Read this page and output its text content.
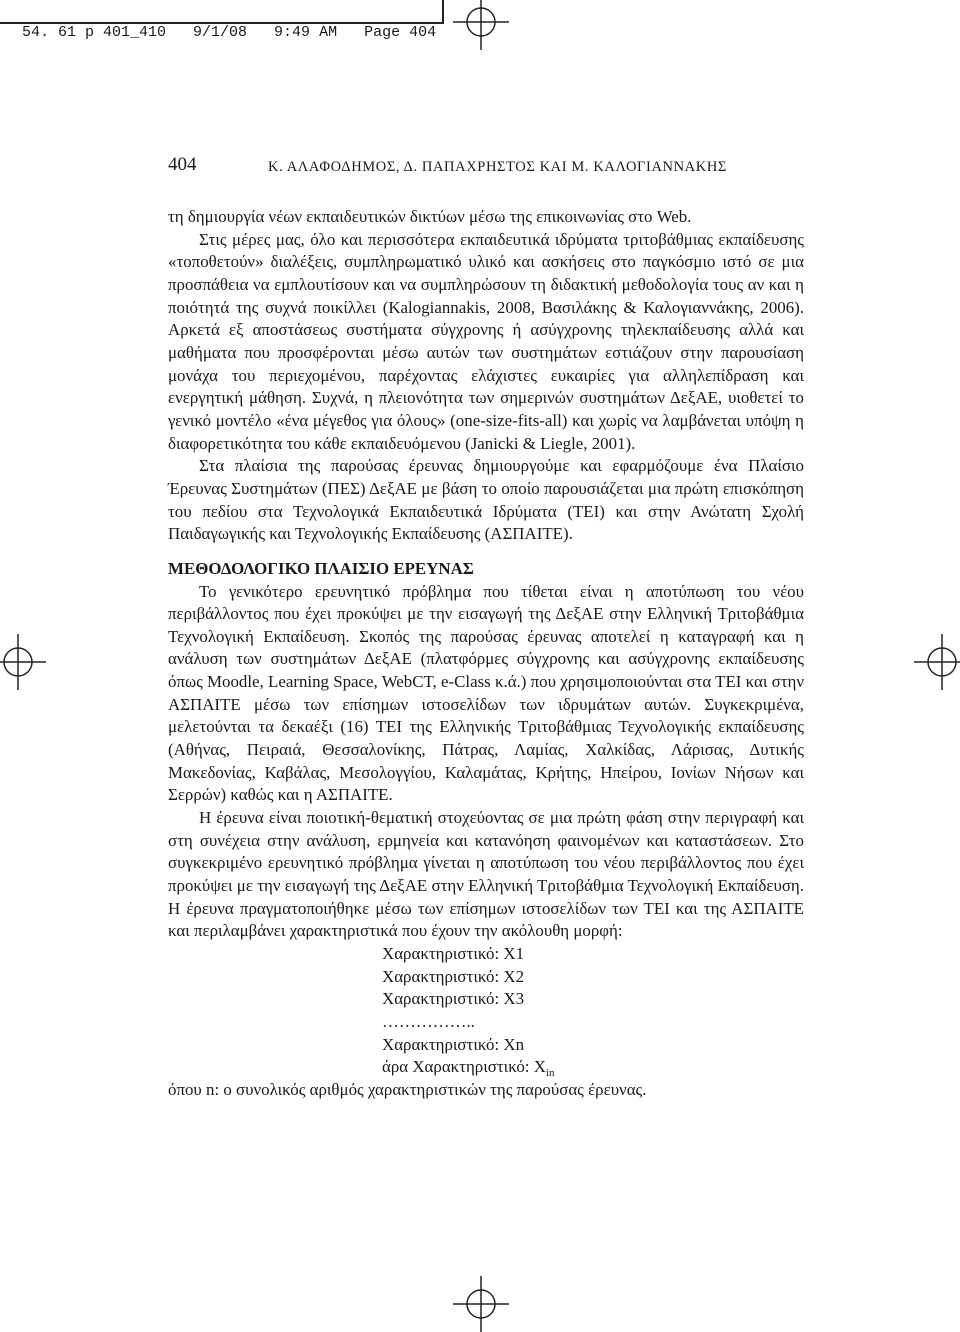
54. 61 p 401_410   9/1/08   9:49 AM   Page 404

404	Κ. ΑΛΑΦΟΔΗΜΟΣ, Δ. ΠΑΠΑΧΡΗΣΤΟΣ ΚΑΙ Μ. ΚΑΛΟΓΙΑΝΝΑΚΗΣ

τη δημιουργία νέων εκπαιδευτικών δικτύων μέσω της επικοινωνίας στο Web.

Στις μέρες μας, όλο και περισσότερα εκπαιδευτικά ιδρύματα τριτοβάθμιας εκπαίδευσης «τοποθετούν» διαλέξεις, συμπληρωματικό υλικό και ασκήσεις στο παγκόσμιο ιστό σε μια προσπάθεια να εμπλουτίσουν και να συμπληρώσουν τη διδακτική μεθοδολογία τους αν και η ποιότητά της συχνά ποικίλλει (Kalogiannakis, 2008, Βασιλάκης & Καλογιαννάκης, 2006). Αρκετά εξ αποστάσεως συστήματα σύγχρονης ή ασύγχρονης τηλεκπαίδευσης αλλά και μαθήματα που προσφέρονται μέσω αυτών των συστημάτων εστιάζουν στην παρουσίαση μονάχα του περιεχομένου, παρέχοντας ελάχιστες ευκαιρίες για αλληλεπίδραση και ενεργητική μάθηση. Συχνά, η πλειονότητα των σημερινών συστημάτων ΔεξΑΕ, υιοθετεί το γενικό μοντέλο «ένα μέγεθος για όλους» (one-size-fits-all) και χωρίς να λαμβάνεται υπόψη η διαφορετικότητα του κάθε εκπαιδευόμενου (Janicki & Liegle, 2001).

Στα πλαίσια της παρούσας έρευνας δημιουργούμε και εφαρμόζουμε ένα Πλαίσιο Έρευνας Συστημάτων (ΠΕΣ) ΔεξΑΕ με βάση το οποίο παρουσιάζεται μια πρώτη επισκόπηση του πεδίου στα Τεχνολογικά Εκπαιδευτικά Ιδρύματα (ΤΕΙ) και στην Ανώτατη Σχολή Παιδαγωγικής και Τεχνολογικής Εκπαίδευσης (ΑΣΠΑΙΤΕ).

ΜΕΘΟΔΟΛΟΓΙΚΟ ΠΛΑΙΣΙΟ ΕΡΕΥΝΑΣ

Το γενικότερο ερευνητικό πρόβλημα που τίθεται είναι η αποτύπωση του νέου περιβάλλοντος που έχει προκύψει με την εισαγωγή της ΔεξΑΕ στην Ελληνική Τριτοβάθμια Τεχνολογική Εκπαίδευση. Σκοπός της παρούσας έρευνας αποτελεί η καταγραφή και η ανάλυση των συστημάτων ΔεξΑΕ (πλατφόρμες σύγχρονης και ασύγχρονης εκπαίδευσης όπως Moodle, Learning Space, WebCT, e-Class κ.ά.) που χρησιμοποιούνται στα ΤΕΙ και στην ΑΣΠΑΙΤΕ μέσω των επίσημων ιστοσελίδων των ιδρυμάτων αυτών. Συγκεκριμένα, μελετούνται τα δεκαέξι (16) ΤΕΙ της Ελληνικής Τριτοβάθμιας Τεχνολογικής εκπαίδευσης (Αθήνας, Πειραιά, Θεσσαλονίκης, Πάτρας, Λαμίας, Χαλκίδας, Λάρισας, Δυτικής Μακεδονίας, Καβάλας, Μεσολογγίου, Καλαμάτας, Κρήτης, Ηπείρου, Ιονίων Νήσων και Σερρών) καθώς και η ΑΣΠΑΙΤΕ.

Η έρευνα είναι ποιοτική-θεματική στοχεύοντας σε μια πρώτη φάση στην περιγραφή και στη συνέχεια στην ανάλυση, ερμηνεία και κατανόηση φαινομένων και καταστάσεων. Στο συγκεκριμένο ερευνητικό πρόβλημα γίνεται η αποτύπωση του νέου περιβάλλοντος που έχει προκύψει με την εισαγωγή της ΔεξΑΕ στην Ελληνική Τριτοβάθμια Τεχνολογική Εκπαίδευση. Η έρευνα πραγματοποιήθηκε μέσω των επίσημων ιστοσελίδων των ΤΕΙ και της ΑΣΠΑΙΤΕ και περιλαμβάνει χαρακτηριστικά που έχουν την ακόλουθη μορφή:

Χαρακτηριστικό: Χ1
Χαρακτηριστικό: Χ2
Χαρακτηριστικό: Χ3
……………..
Χαρακτηριστικό: Χn
άρα Χαρακτηριστικό: $X_{in}$

όπου n: ο συνολικός αριθμός χαρακτηριστικών της παρούσας έρευνας.
